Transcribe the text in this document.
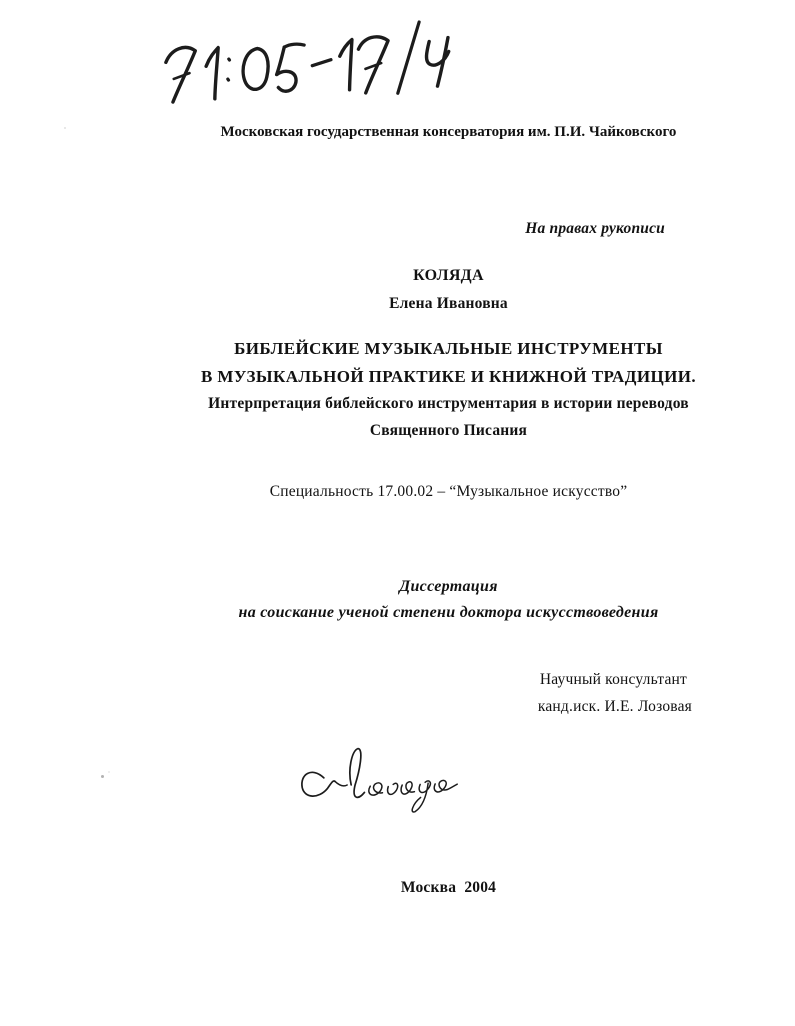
Московская государственная консерватория им. П.И. Чайковского
На правах рукописи
КОЛЯДА
Елена Ивановна
БИБЛЕЙСКИЕ МУЗЫКАЛЬНЫЕ ИНСТРУМЕНТЫ
В МУЗЫКАЛЬНОЙ ПРАКТИКЕ И КНИЖНОЙ ТРАДИЦИИ.
Интерпретация библейского инструментария в истории переводов
Священного Писания
Специальность 17.00.02 – “Музыкальное искусство”
Диссертация
на соискание ученой степени доктора искусствоведения
Научный консультант
канд.иск. И.Е. Лозовая
Москва  2004
